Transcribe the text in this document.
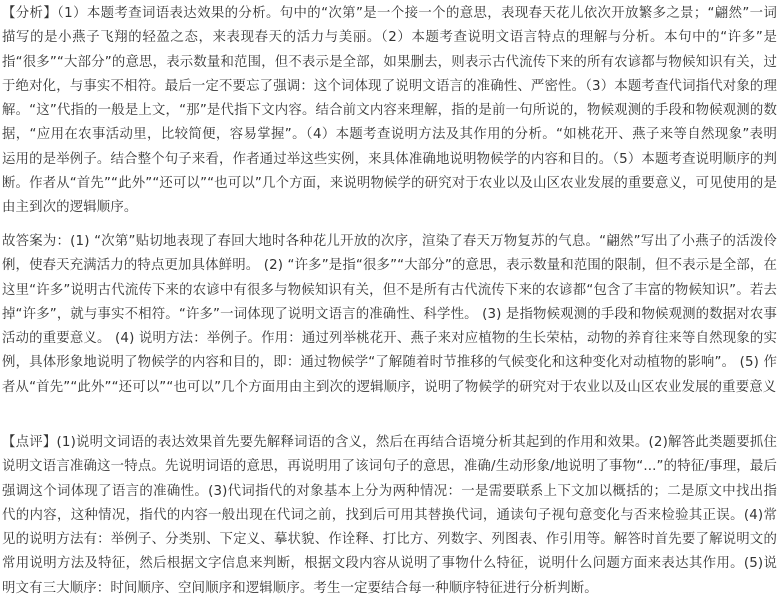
【分析】（1）本题考查词语表达效果的分析。句中的“次第”是一个接一个的意思，表现春天花儿依次开放繁多之景；“翩然”一词描写的是小燕子飞翔的轻盈之态，来表现春天的活力与美丽。（2）本题考查说明文语言特点的理解与分析。本句中的“许多”是指“很多”“大部分”的意思，表示数量和范围，但不表示是全部，如果删去，则表示古代流传下来的所有农谚都与物候知识有关，过于绝对化，与事实不相符。最后一定不要忘了强调：这个词体现了说明文语言的准确性、严密性。（3）本题考查代词指代对象的理解。“这”代指的一般是上文，“那”是代指下文内容。结合前文内容来理解，指的是前一句所说的，物候观测的手段和物候观测的数据，“应用在农事活动里，比较简便，容易掌握”。（4）本题考查说明方法及其作用的分析。“如桃花开、燕子来等自然现象”表明运用的是举例子。结合整个句子来看，作者通过举这些实例，来具体准确地说明物候学的内容和目的。（5）本题考查说明顺序的判断。作者从“首先”“此外”“还可以”“也可以”几个方面，来说明物候学的研究对于农业以及山区农业发展的重要意义，可见使用的是由主到次的逻辑顺序。

故答案为：(1) “次第”贴切地表现了春回大地时各种花儿开放的次序，渲染了春天万物复苏的气息。“翩然”写出了小燕子的活泼伶俐，使春天充满活力的特点更加具体鲜明。 (2) “许多”是指“很多”“大部分”的意思，表示数量和范围的限制，但不表示是全部，在这里“许多”说明古代流传下来的农谚中有很多与物候知识有关，但不是所有古代流传下来的农谚都“包含了丰富的物候知识”。若去掉“许多”，就与事实不相符。“许多”一词体现了说明文语言的准确性、科学性。 (3) 是指物候观测的手段和物候观测的数据对农事活动的重要意义。 (4) 说明方法：举例子。作用：通过列举桃花开、燕子来对应植物的生长荣枯，动物的养育往来等自然现象的实例，具体形象地说明了物候学的内容和目的，即：通过物候学“了解随着时节推移的气候变化和这种变化对动植物的影响”。 (5) 作者从“首先”“此外”“还可以”“也可以”几个方面用由主到次的逻辑顺序，说明了物候学的研究对于农业以及山区农业发展的重要意义

【点评】(1)说明文词语的表达效果首先要先解释词语的含义，然后在再结合语境分析其起到的作用和效果。(2)解答此类题要抓住说明文语言准确这一特点。先说明词语的意思，再说明用了该词句子的意思，准确/生动形象/地说明了事物“...”的特征/事理，最后强调这个词体现了语言的准确性。(3)代词指代的对象基本上分为两种情况：一是需要联系上下文加以概括的；二是原文中找出指代的内容，这种情况，指代的内容一般出现在代词之前，找到后可用其替换代词，通读句子视句意变化与否来检验其正误。(4)常见的说明方法有：举例子、分类别、下定义、摹状貌、作诠释、打比方、列数字、列图表、作引用等。解答时首先要了解说明文的常用说明方法及特征，然后根据文字信息来判断，根据文段内容从说明了事物什么特征，说明什么问题方面来表达其作用。(5)说明文有三大顺序：时间顺序、空间顺序和逻辑顺序。考生一定要结合每一种顺序特征进行分析判断。
